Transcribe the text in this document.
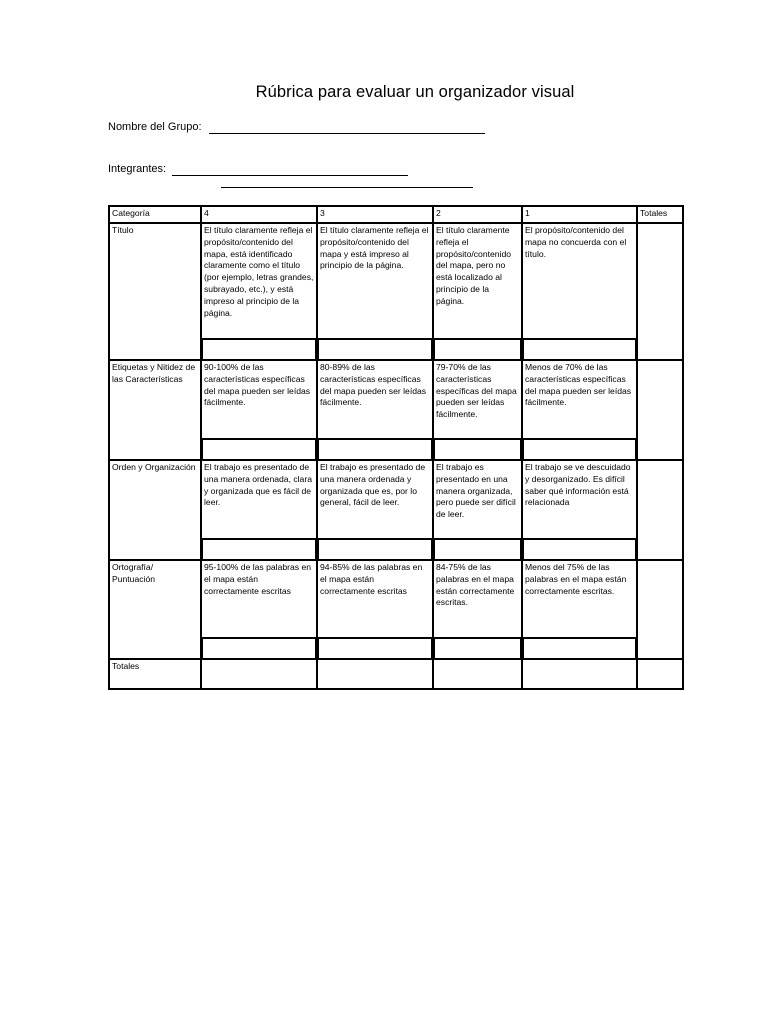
Rúbrica para evaluar un organizador visual
Nombre del Grupo:
Integrantes:
Categoría	4	3	2	1	Totales
Título	El título claramente refleja el propósito/contenido del mapa, está identificado claramente como el título (por ejemplo, letras grandes, subrayado, etc.), y está impreso al principio de la página.	El título claramente refleja el propósito/contenido del mapa y está impreso al principio de la página.	El título claramente refleja el propósito/contenido del mapa, pero no está localizado al principio de la página.	El propósito/contenido del mapa no concuerda con el título.	

Etiquetas y Nitidez de las Características	90-100% de las características específicas del mapa pueden ser leídas fácilmente.	80-89% de las características específicas del mapa pueden ser leídas fácilmente.	79-70% de las características específicas del mapa pueden ser leídas fácilmente.	Menos de 70% de las características específicas del mapa pueden ser leídas fácilmente.	

Orden y Organización	El trabajo es presentado de una manera ordenada, clara y organizada que es fácil de leer.	El trabajo es presentado de una manera ordenada y organizada que es, por lo general, fácil de leer.	El trabajo es presentado en una manera organizada, pero puede ser difícil de leer.	El trabajo se ve descuidado y desorganizado. Es difícil saber qué información está relacionada	

Ortografía/ Puntuación	95-100% de las palabras en el mapa están correctamente escritas	94-85% de las palabras en el mapa están correctamente escritas	84-75% de las palabras en el mapa están correctamente escritas.	Menos del 75% de las palabras en el mapa están correctamente escritas.	

Totales					
